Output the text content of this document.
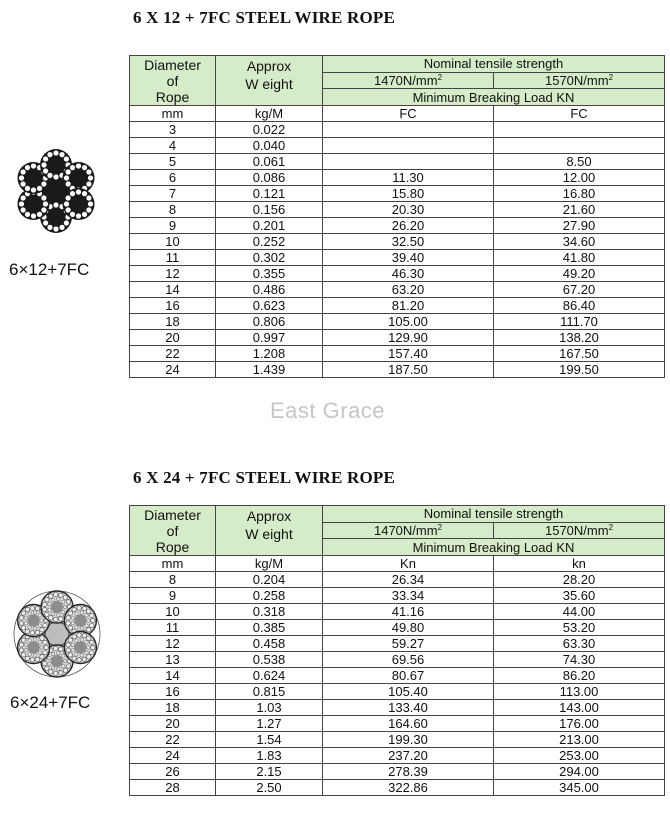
6 X 12 + 7FC STEEL WIRE ROPE
6×12+7FC
Diameter
of
Rope	Approx
W eight	Nominal tensile strength	
		$1470N/mm^2$	$1570N/mm^2$
		Minimum Breaking Load KN	
mm	kg/M	FC	FC
3	0.022		
4	0.040		
5	0.061		8.50
6	0.086	11.30	12.00
7	0.121	15.80	16.80
8	0.156	20.30	21.60
9	0.201	26.20	27.90
10	0.252	32.50	34.60
11	0.302	39.40	41.80
12	0.355	46.30	49.20
14	0.486	63.20	67.20
16	0.623	81.20	86.40
18	0.806	105.00	111.70
20	0.997	129.90	138.20
22	1.208	157.40	167.50
24	1.439	187.50	199.50
East Grace
6 X 24 + 7FC STEEL WIRE ROPE
6×24+7FC
Diameter
of
Rope	Approx
W eight	Nominal tensile strength	
		$1470N/mm^2$	$1570N/mm^2$
		Minimum Breaking Load KN	
mm	kg/M	Kn	kn
8	0.204	26.34	28.20
9	0.258	33.34	35.60
10	0.318	41.16	44.00
11	0.385	49.80	53.20
12	0.458	59.27	63.30
13	0.538	69.56	74.30
14	0.624	80.67	86.20
16	0.815	105.40	113.00
18	1.03	133.40	143.00
20	1.27	164.60	176.00
22	1.54	199.30	213.00
24	1.83	237.20	253.00
26	2.15	278.39	294.00
28	2.50	322.86	345.00
